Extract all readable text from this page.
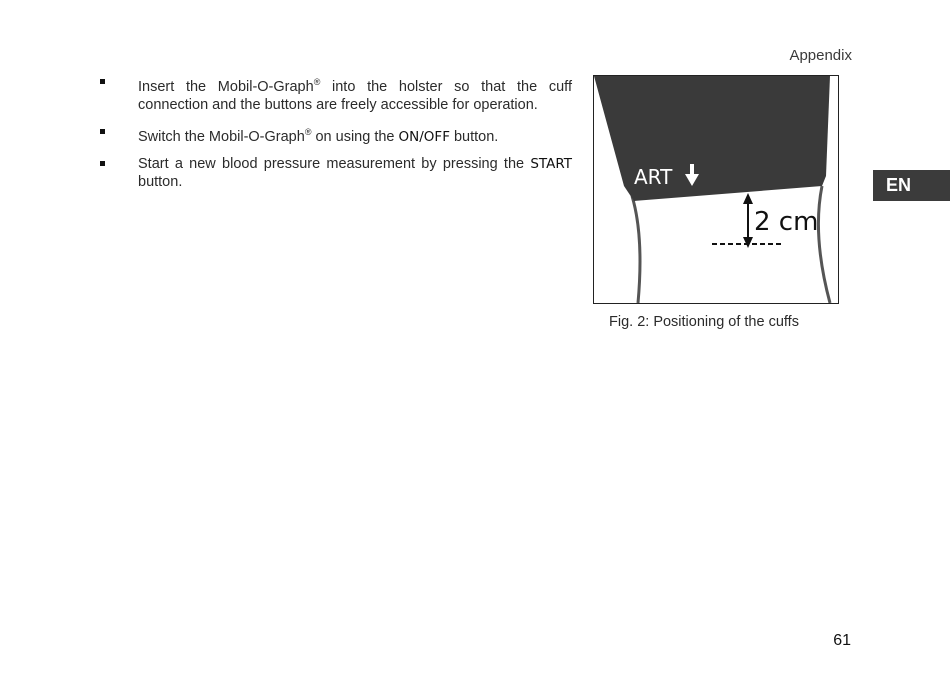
Appendix
EN
Insert the Mobil-O-Graph® into the holster so that the cuff connection and the buttons are freely accessible for operation.
Switch the Mobil-O-Graph® on using the ON/OFF button.
Start a new blood pressure measurement by pressing the START button.	ART
2 cm
Fig. 2: Positioning of the cuffs
61
